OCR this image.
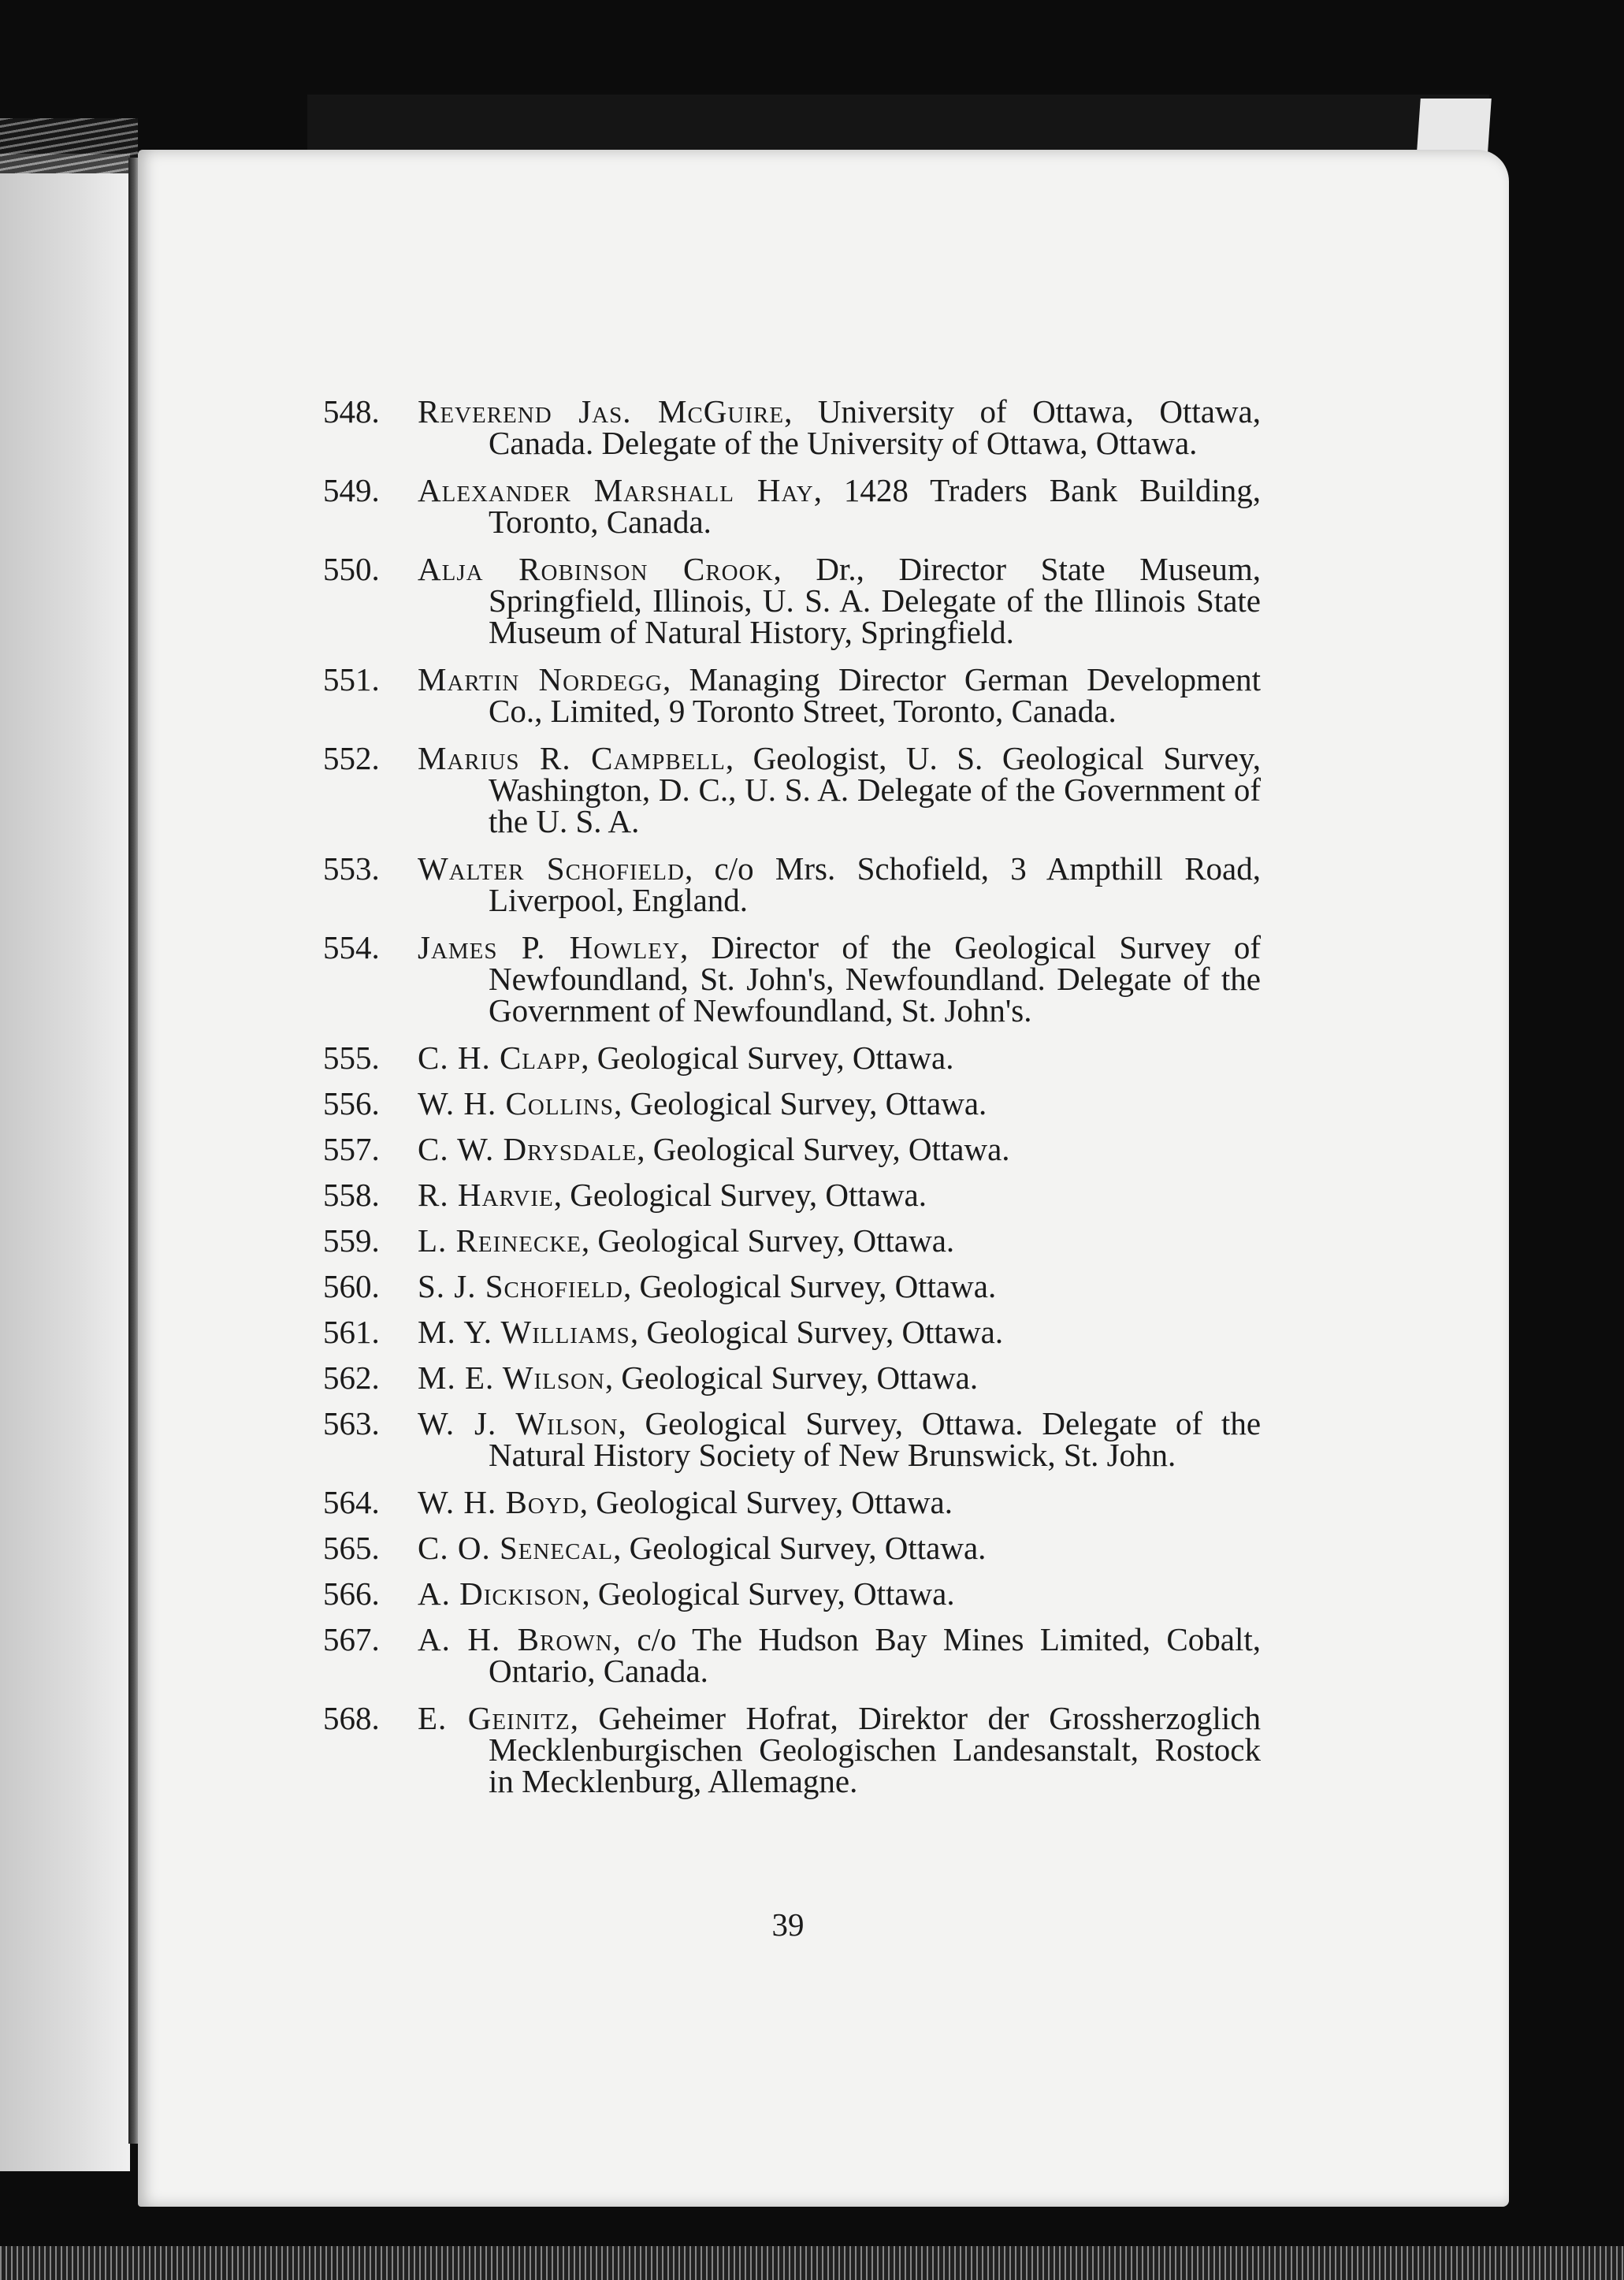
548.	Reverend Jas. McGuire, University of Ottawa, Ottawa, Canada. Delegate of the University of Ottawa, Ottawa.
549.	Alexander Marshall Hay, 1428 Traders Bank Building, Toronto, Canada.
550.	Alja Robinson Crook, Dr., Director State Museum, Springfield, Illinois, U. S. A. Delegate of the Illinois State Museum of Natural History, Springfield.
551.	Martin Nordegg, Managing Director German Development Co., Limited, 9 Toronto Street, Toronto, Canada.
552.	Marius R. Campbell, Geologist, U. S. Geological Survey, Washington, D. C., U. S. A. Delegate of the Government of the U. S. A.
553.	Walter Schofield, c/o Mrs. Schofield, 3 Ampthill Road, Liverpool, England.
554.	James P. Howley, Director of the Geological Survey of Newfoundland, St. John's, Newfoundland. Delegate of the Government of Newfoundland, St. John's.
555.	C. H. Clapp, Geological Survey, Ottawa.
556.	W. H. Collins, Geological Survey, Ottawa.
557.	C. W. Drysdale, Geological Survey, Ottawa.
558.	R. Harvie, Geological Survey, Ottawa.
559.	L. Reinecke, Geological Survey, Ottawa.
560.	S. J. Schofield, Geological Survey, Ottawa.
561.	M. Y. Williams, Geological Survey, Ottawa.
562.	M. E. Wilson, Geological Survey, Ottawa.
563.	W. J. Wilson, Geological Survey, Ottawa. Delegate of the Natural History Society of New Brunswick, St. John.
564.	W. H. Boyd, Geological Survey, Ottawa.
565.	C. O. Senecal, Geological Survey, Ottawa.
566.	A. Dickison, Geological Survey, Ottawa.
567.	A. H. Brown, c/o The Hudson Bay Mines Limited, Cobalt, Ontario, Canada.
568.	E. Geinitz, Geheimer Hofrat, Direktor der Grossherzoglich Mecklenburgischen Geologischen Landesanstalt, Rostock in Mecklenburg, Allemagne.
39
